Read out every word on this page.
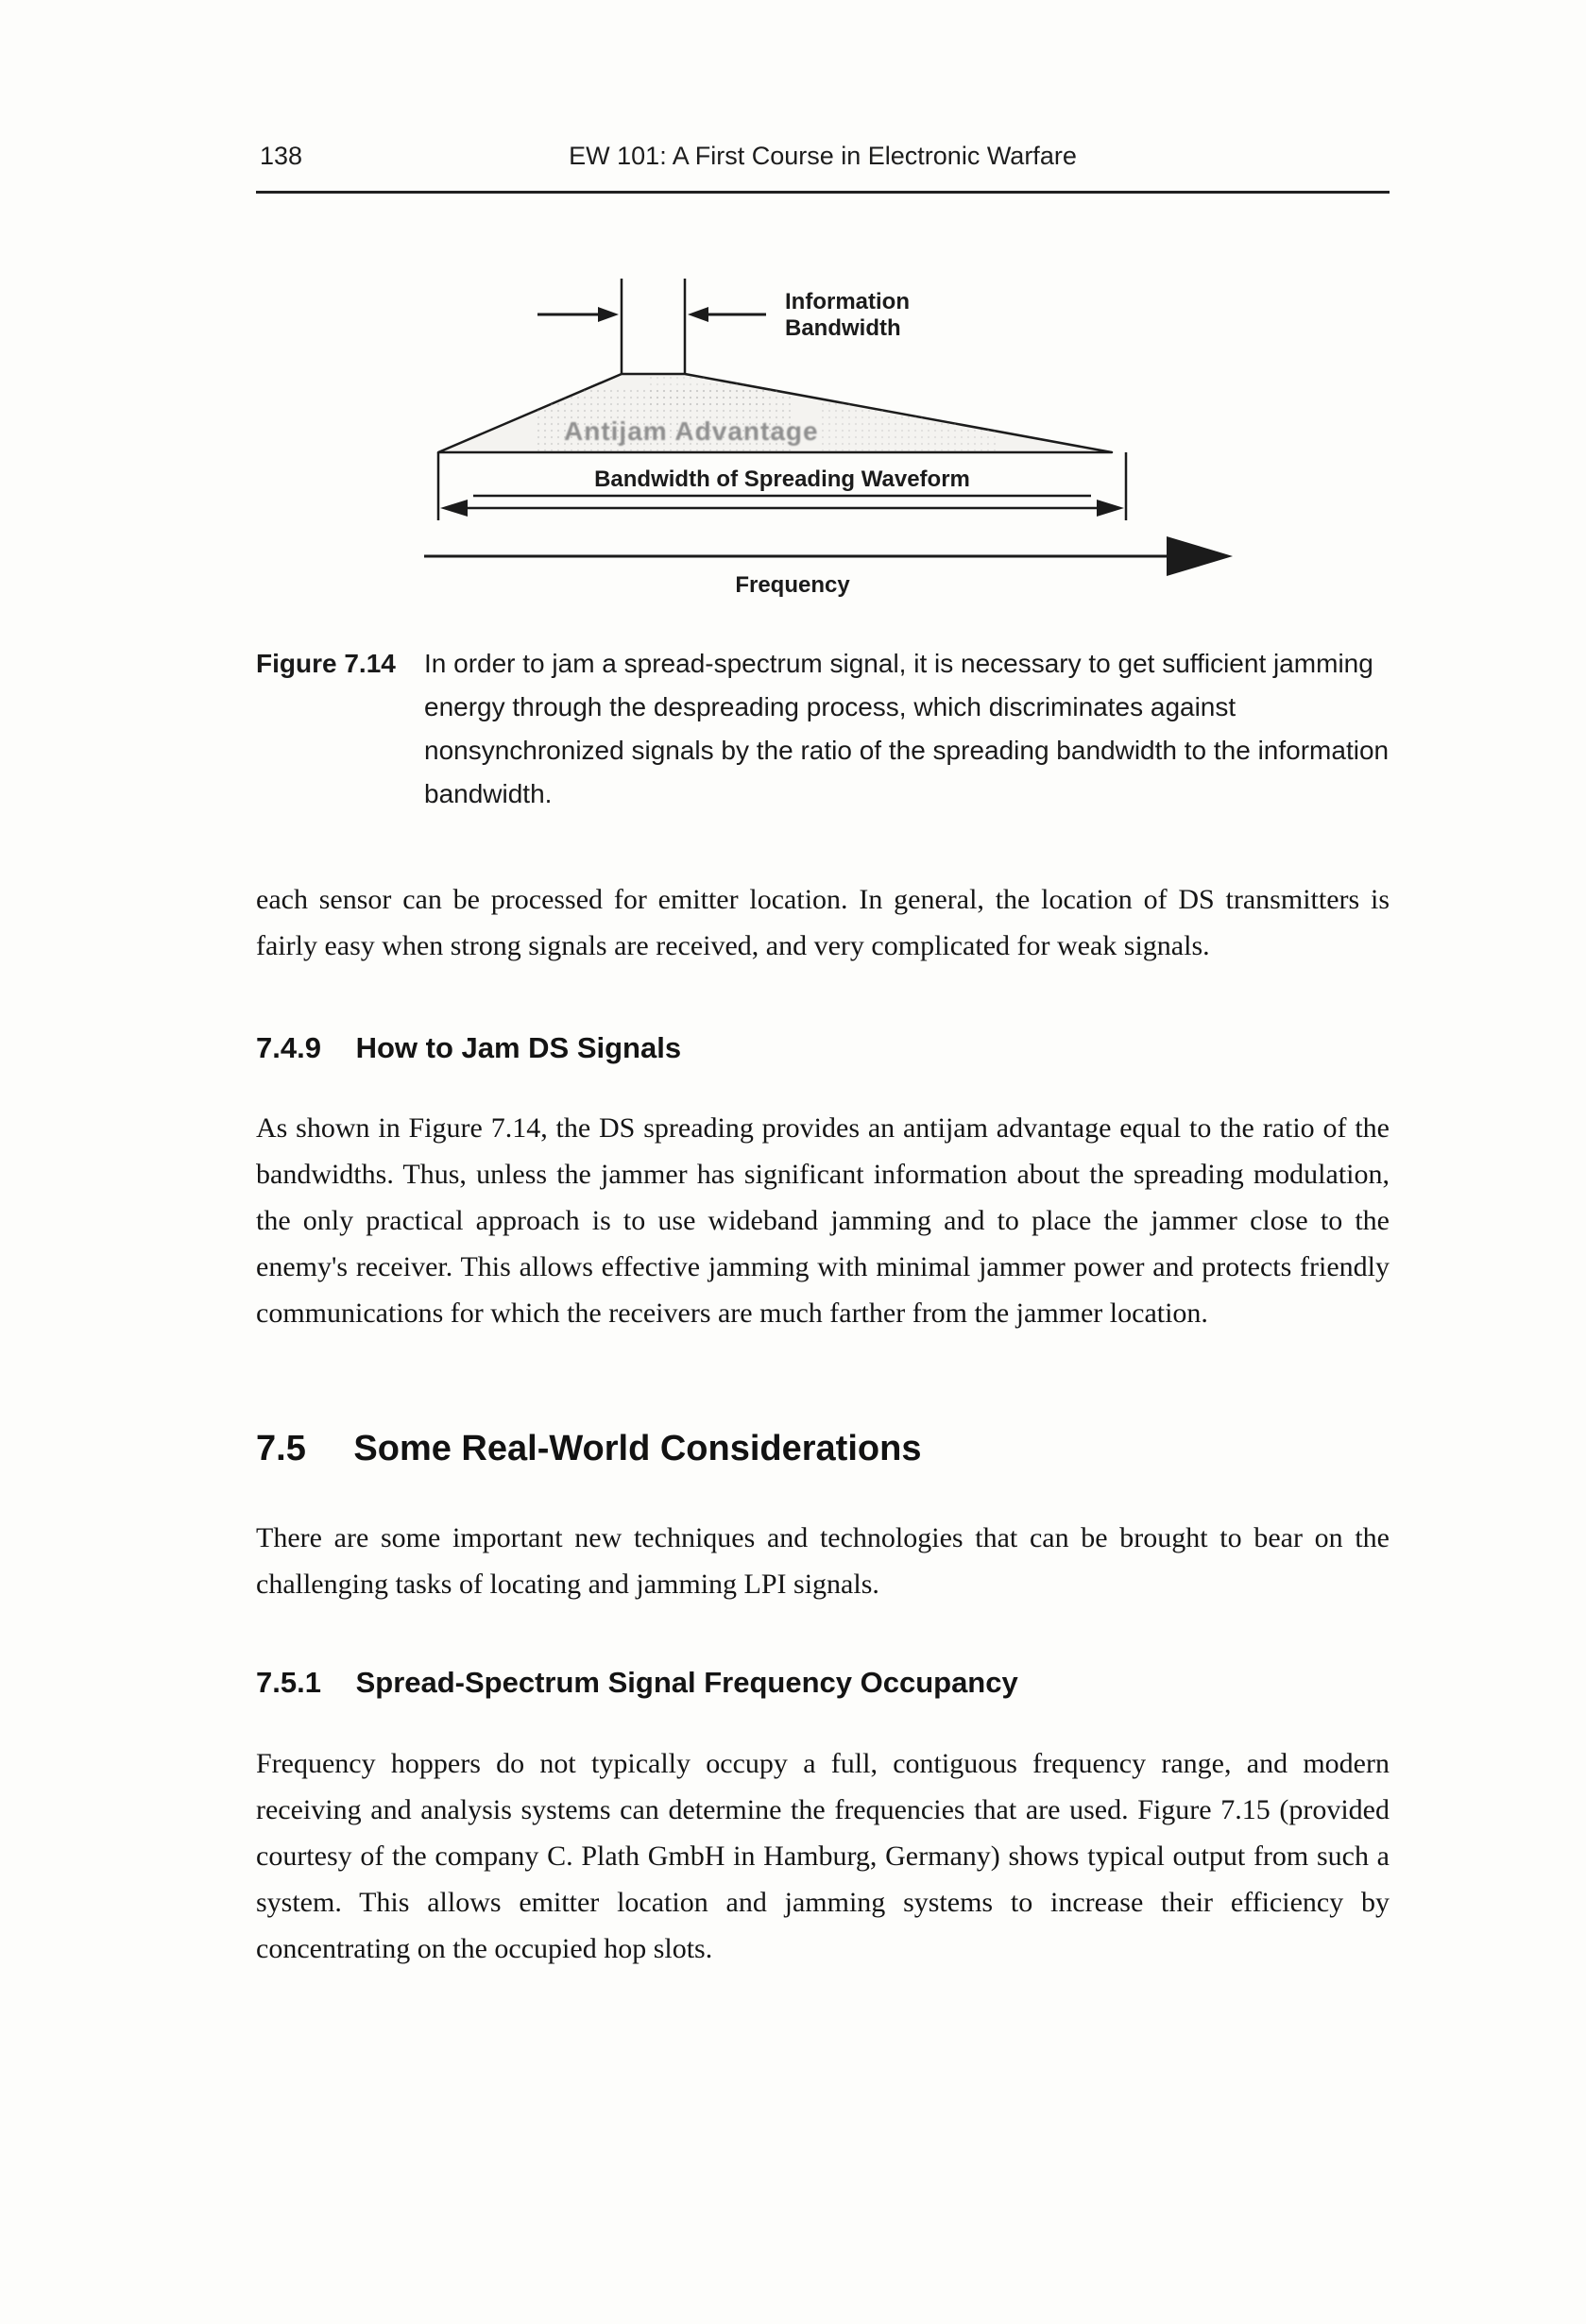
138	EW 101: A First Course in Electronic Warfare
Information
Bandwidth
Antijam Advantage
Bandwidth of Spreading Waveform
Frequency
Figure 7.14	In order to jam a spread-spectrum signal, it is necessary to get sufficient jamming energy through the despreading process, which discriminates against nonsynchronized signals by the ratio of the spreading bandwidth to the information bandwidth.

each sensor can be processed for emitter location. In general, the location of DS transmitters is fairly easy when strong signals are received, and very complicated for weak signals.

7.4.9 How to Jam DS Signals

As shown in Figure 7.14, the DS spreading provides an antijam advantage equal to the ratio of the bandwidths. Thus, unless the jammer has significant information about the spreading modulation, the only practical approach is to use wideband jamming and to place the jammer close to the enemy's receiver. This allows effective jamming with minimal jammer power and protects friendly communications for which the receivers are much farther from the jammer location.

7.5 Some Real-World Considerations

There are some important new techniques and technologies that can be brought to bear on the challenging tasks of locating and jamming LPI signals.

7.5.1 Spread-Spectrum Signal Frequency Occupancy

Frequency hoppers do not typically occupy a full, contiguous frequency range, and modern receiving and analysis systems can determine the frequencies that are used. Figure 7.15 (provided courtesy of the company C. Plath GmbH in Hamburg, Germany) shows typical output from such a system. This allows emitter location and jamming systems to increase their efficiency by concentrating on the occupied hop slots.
